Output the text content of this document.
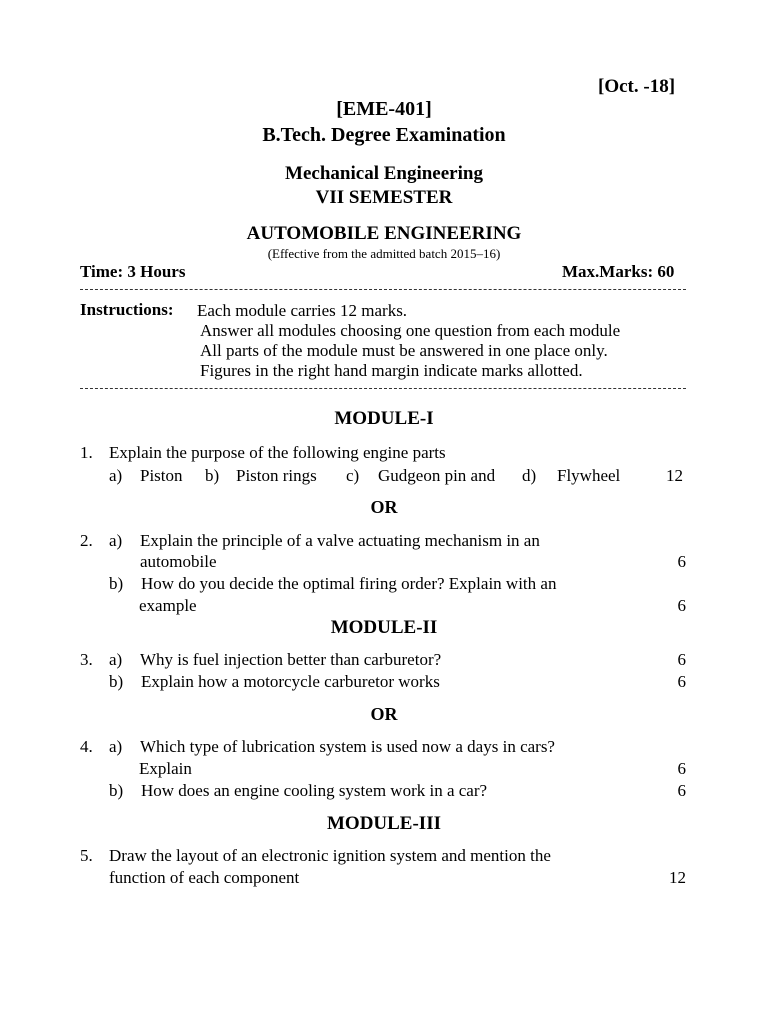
[Oct. -18]
[EME-401]
B.Tech. Degree Examination
Mechanical Engineering
VII SEMESTER
AUTOMOBILE ENGINEERING
(Effective from the admitted batch 2015–16)
Time: 3 Hours	Max.Marks: 60
Instructions: Each module carries 12 marks.
Answer all modules choosing one question from each module
All parts of the module must be answered in one place only.
Figures in the right hand margin indicate marks allotted.
MODULE-I
1. Explain the purpose of the following engine parts
a) Piston b) Piston rings c) Gudgeon pin and d) Flywheel	12
OR
2. a) Explain the principle of a valve actuating mechanism in an
automobile	6
b) How do you decide the optimal firing order? Explain with an
example	6
MODULE-II
3. a) Why is fuel injection better than carburetor?	6
b) Explain how a motorcycle carburetor works	6
OR
4. a) Which type of lubrication system is used now a days in cars?
Explain	6
b) How does an engine cooling system work in a car?	6
MODULE-III
5. Draw the layout of an electronic ignition system and mention the
function of each component	12
